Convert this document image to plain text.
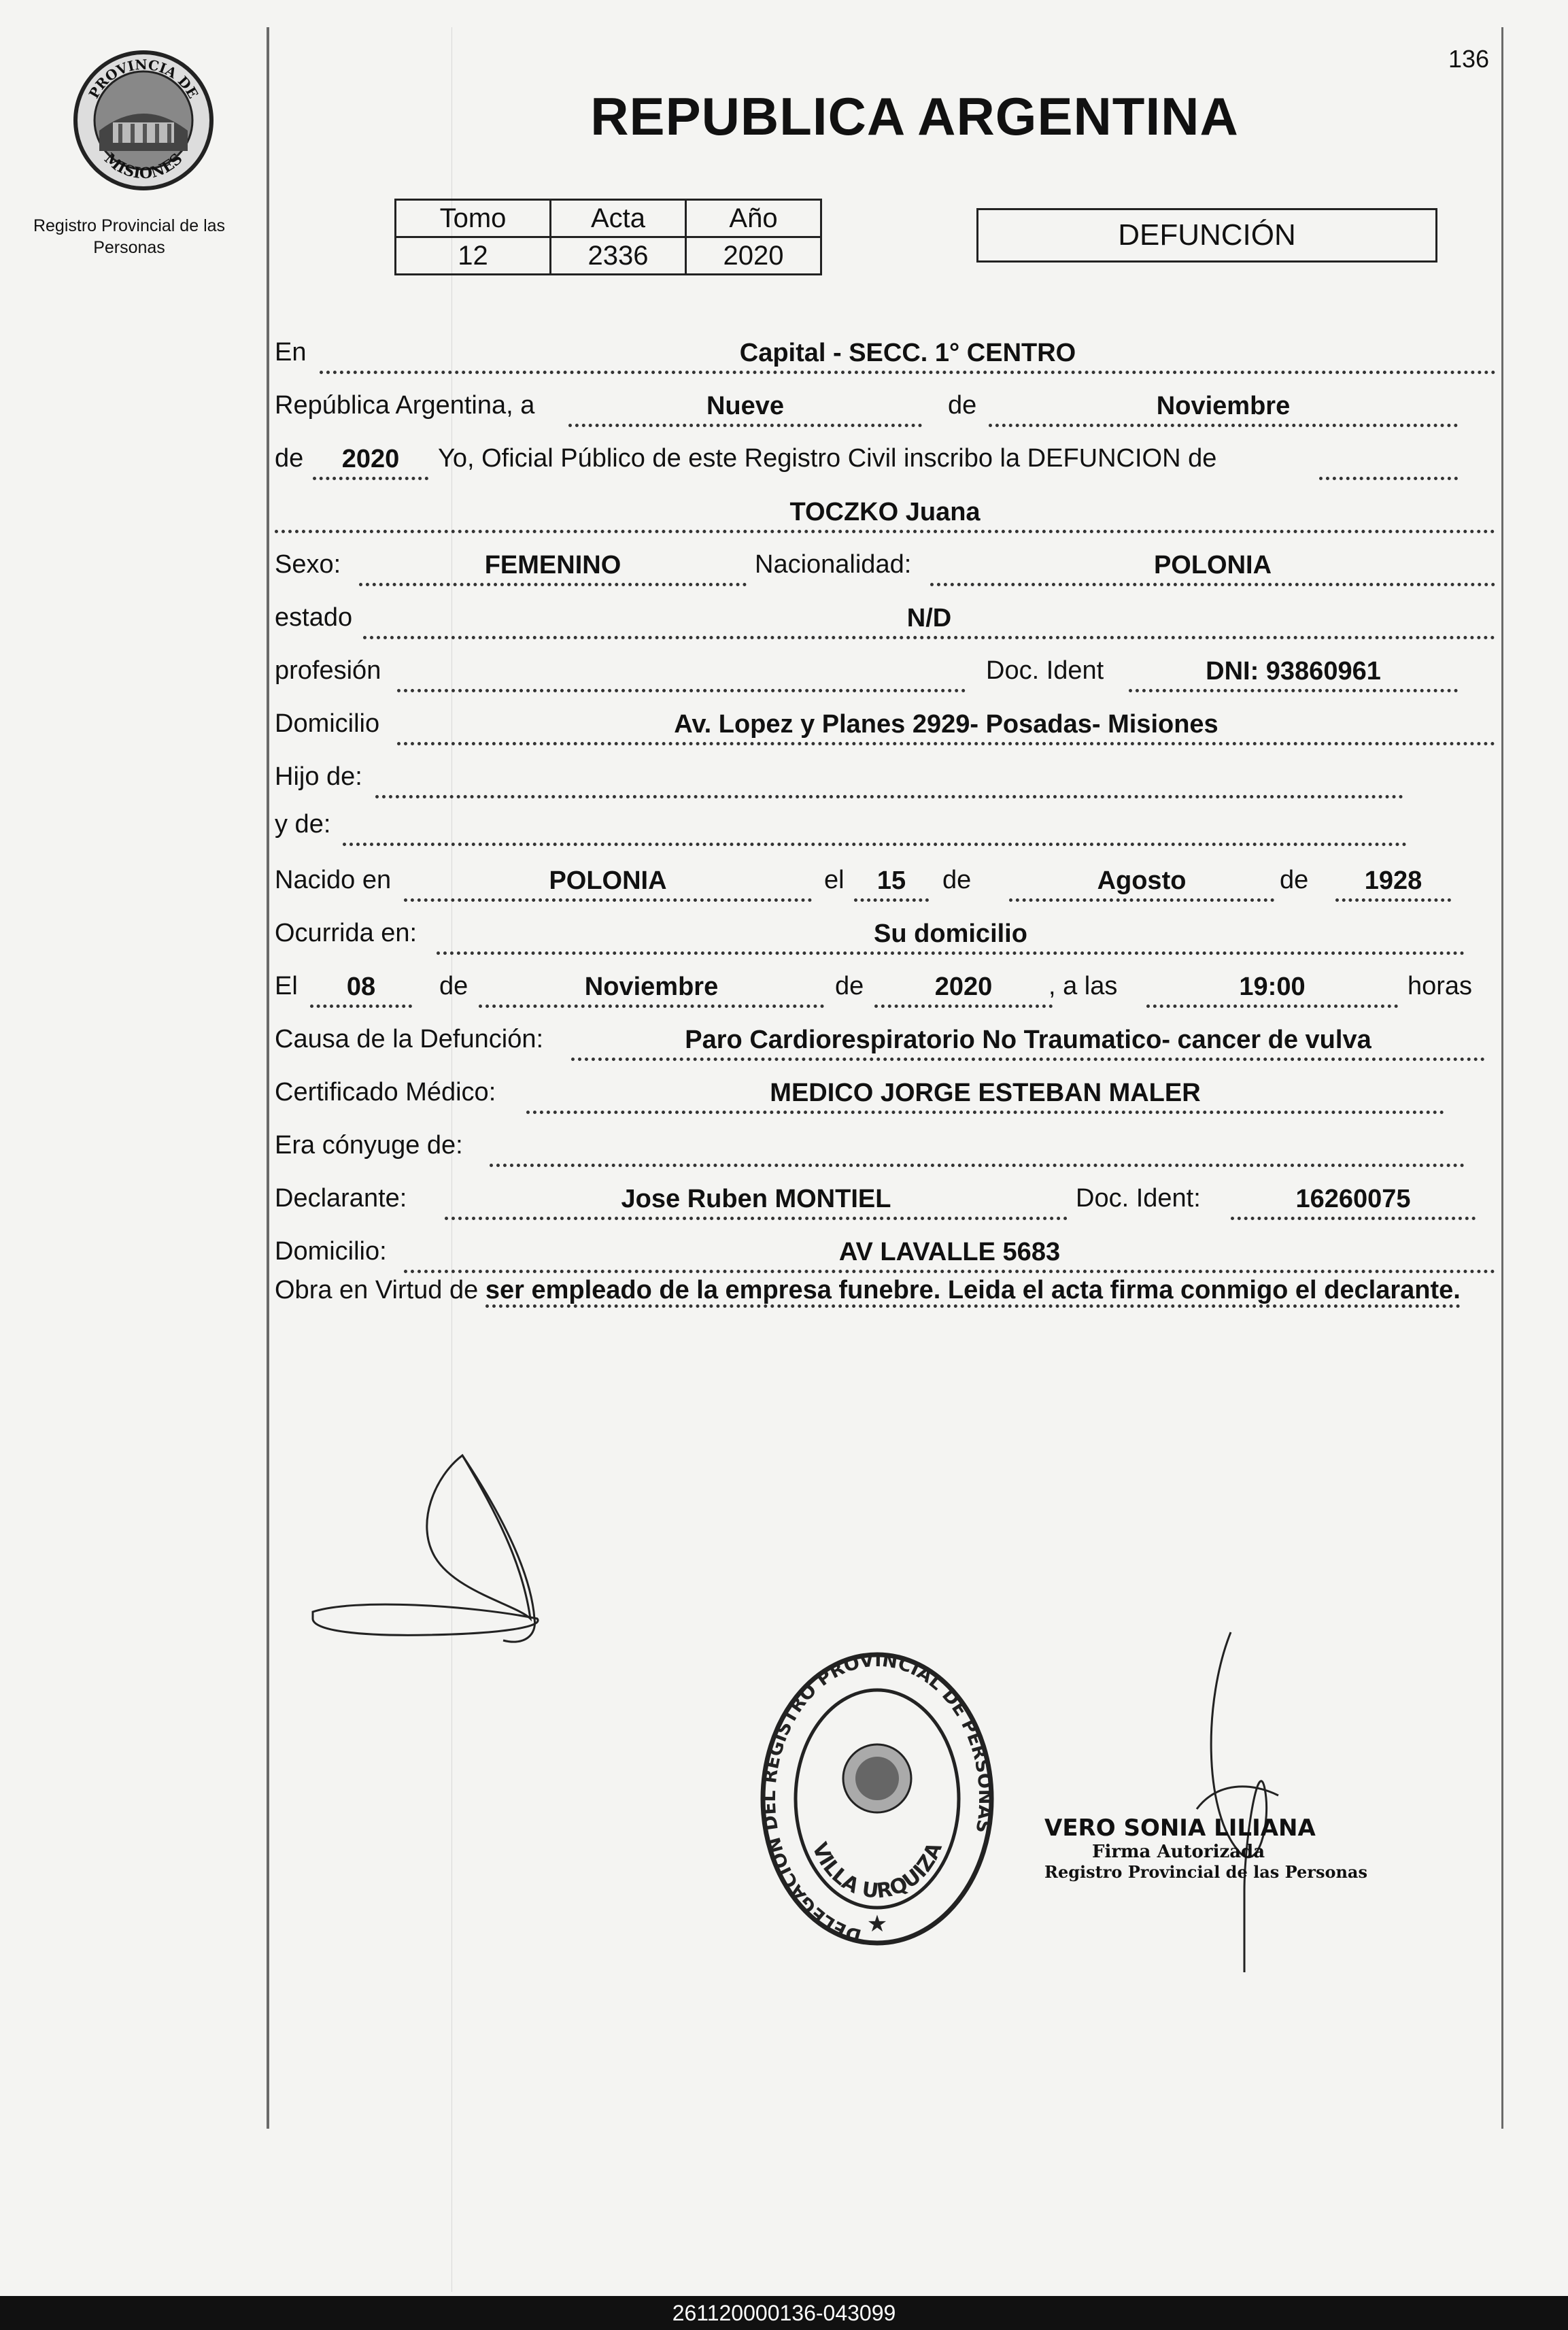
PROVINCIA DE
MISIONES
Registro Provincial de las Personas
136
REPUBLICA ARGENTINA
Tomo	Acta	Año
12	2336	2020
DEFUNCIÓN
En	Capital - SECC. 1° CENTRO
República Argentina, a	Nueve	de	Noviembre
de	2020	Yo, Oficial Público de este Registro Civil inscribo la DEFUNCION de
TOCZKO Juana
Sexo:	FEMENINO	Nacionalidad:	POLONIA
estado	N/D
profesión	Doc. Ident	DNI: 93860961
Domicilio	Av. Lopez y Planes 2929- Posadas- Misiones
Hijo de:
y de:
Nacido en	POLONIA	el	15	de	Agosto	de	1928
Ocurrida en:	Su domicilio
El	08	de	Noviembre	de	2020	, a las	19:00	horas
Causa de la Defunción:	Paro Cardiorespiratorio No Traumatico- cancer de vulva
Certificado Médico:	MEDICO JORGE ESTEBAN MALER
Era cónyuge de:
Declarante:	Jose Ruben MONTIEL	Doc. Ident:	16260075
Domicilio:	AV LAVALLE 5683
Obra en Virtud de ser empleado de la empresa funebre. Leida el acta firma conmigo el declarante.
DELEGACION DEL REGISTRO PROVINCIAL DE PERSONAS
VILLA URQUIZA
★
VERO SONIA LILIANA
Firma Autorizada
Registro Provincial de las Personas
261120000136-043099
